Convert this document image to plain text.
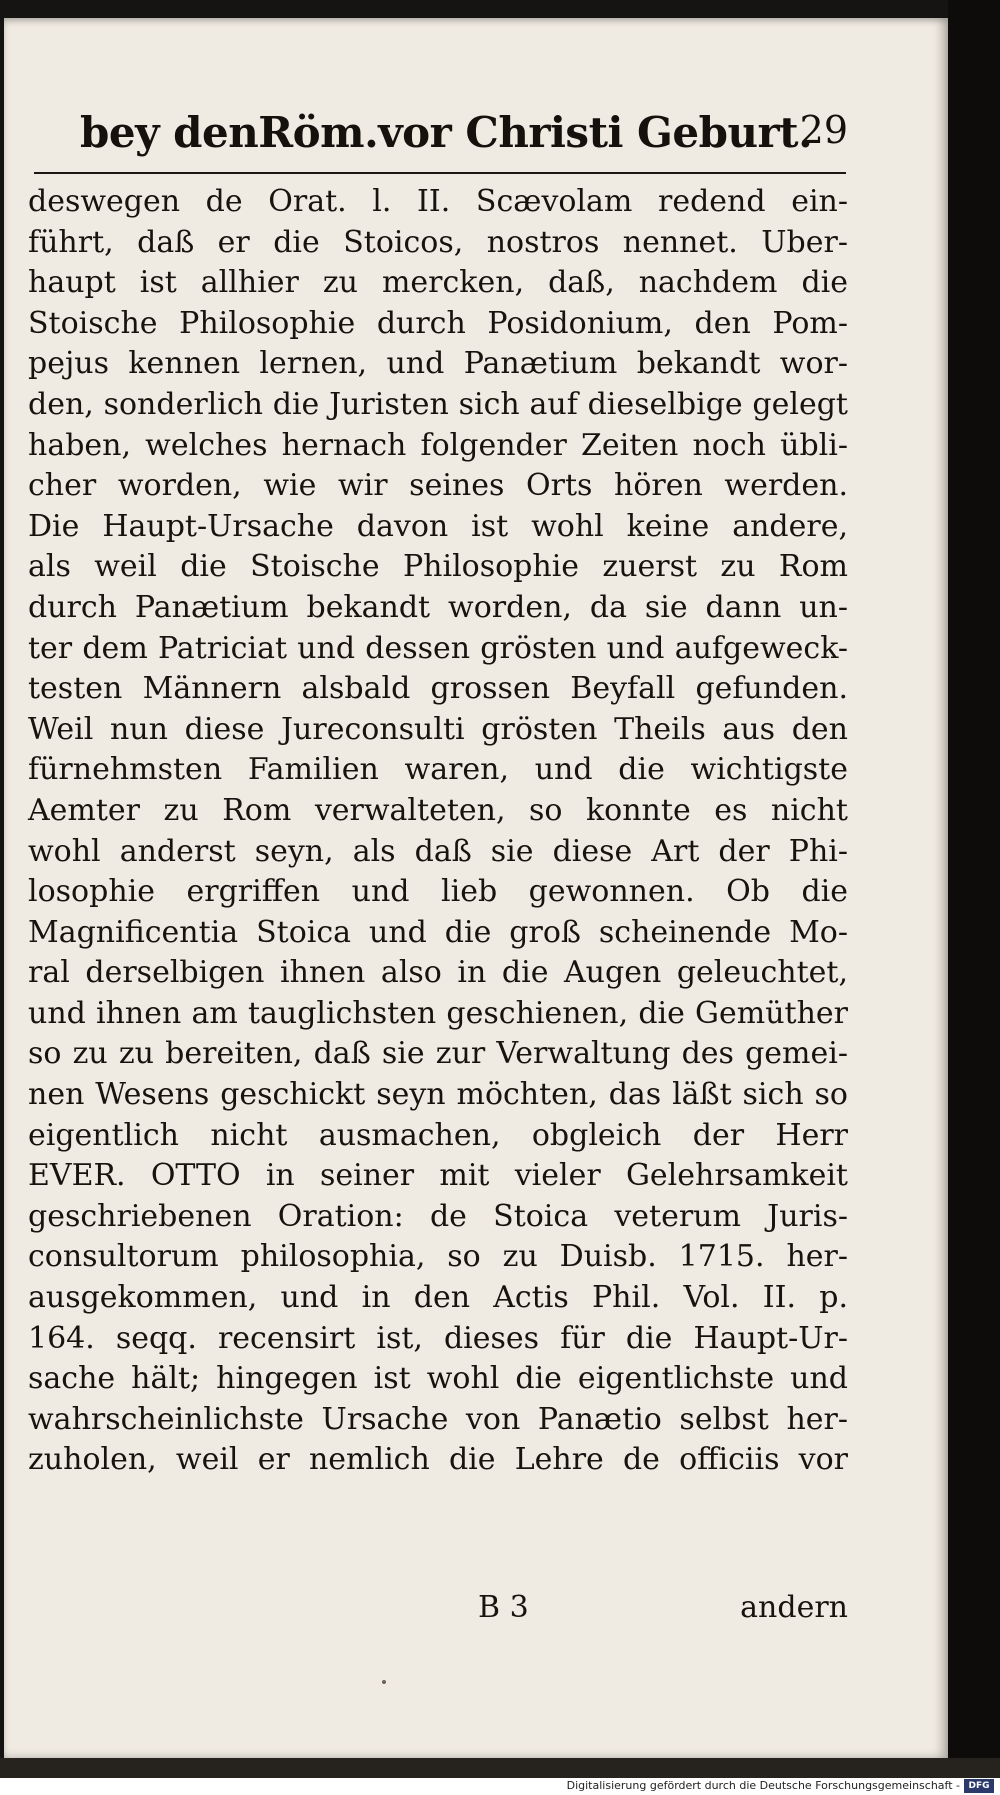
bey denRöm.vor Christi Geburt.
29
deswegen de Orat. l. II. Scævolam redend ein-
führt, daß er die Stoicos, nostros nennet. Uber-
haupt ist allhier zu mercken, daß, nachdem die
Stoische Philosophie durch Posidonium, den Pom-
pejus kennen lernen, und Panætium bekandt wor-
den, sonderlich die Juristen sich auf dieselbige gelegt
haben, welches hernach folgender Zeiten noch übli-
cher worden, wie wir seines Orts hören werden.
Die Haupt-Ursache davon ist wohl keine andere,
als weil die Stoische Philosophie zuerst zu Rom
durch Panætium bekandt worden, da sie dann un-
ter dem Patriciat und dessen grösten und aufgeweck-
testen Männern alsbald grossen Beyfall gefunden.
Weil nun diese Jureconsulti grösten Theils aus den
fürnehmsten Familien waren, und die wichtigste
Aemter zu Rom verwalteten, so konnte es nicht
wohl anderst seyn, als daß sie diese Art der Phi-
losophie ergriffen und lieb gewonnen. Ob die
Magnificentia Stoica und die groß scheinende Mo-
ral derselbigen ihnen also in die Augen geleuchtet,
und ihnen am tauglichsten geschienen, die Gemüther
so zu zu bereiten, daß sie zur Verwaltung des gemei-
nen Wesens geschickt seyn möchten, das läßt sich so
eigentlich nicht ausmachen, obgleich der Herr
EVER. OTTO in seiner mit vieler Gelehrsamkeit
geschriebenen Oration: de Stoica veterum Juris-
consultorum philosophia, so zu Duisb. 1715. her-
ausgekommen, und in den Actis Phil. Vol. II. p.
164. seqq. recensirt ist, dieses für die Haupt-Ur-
sache hält; hingegen ist wohl die eigentlichste und
wahrscheinlichste Ursache von Panætio selbst her-
zuholen, weil er nemlich die Lehre de officiis vor
B 3	andern
Digitalisierung gefördert durch die Deutsche Forschungsgemeinschaft - DFG
